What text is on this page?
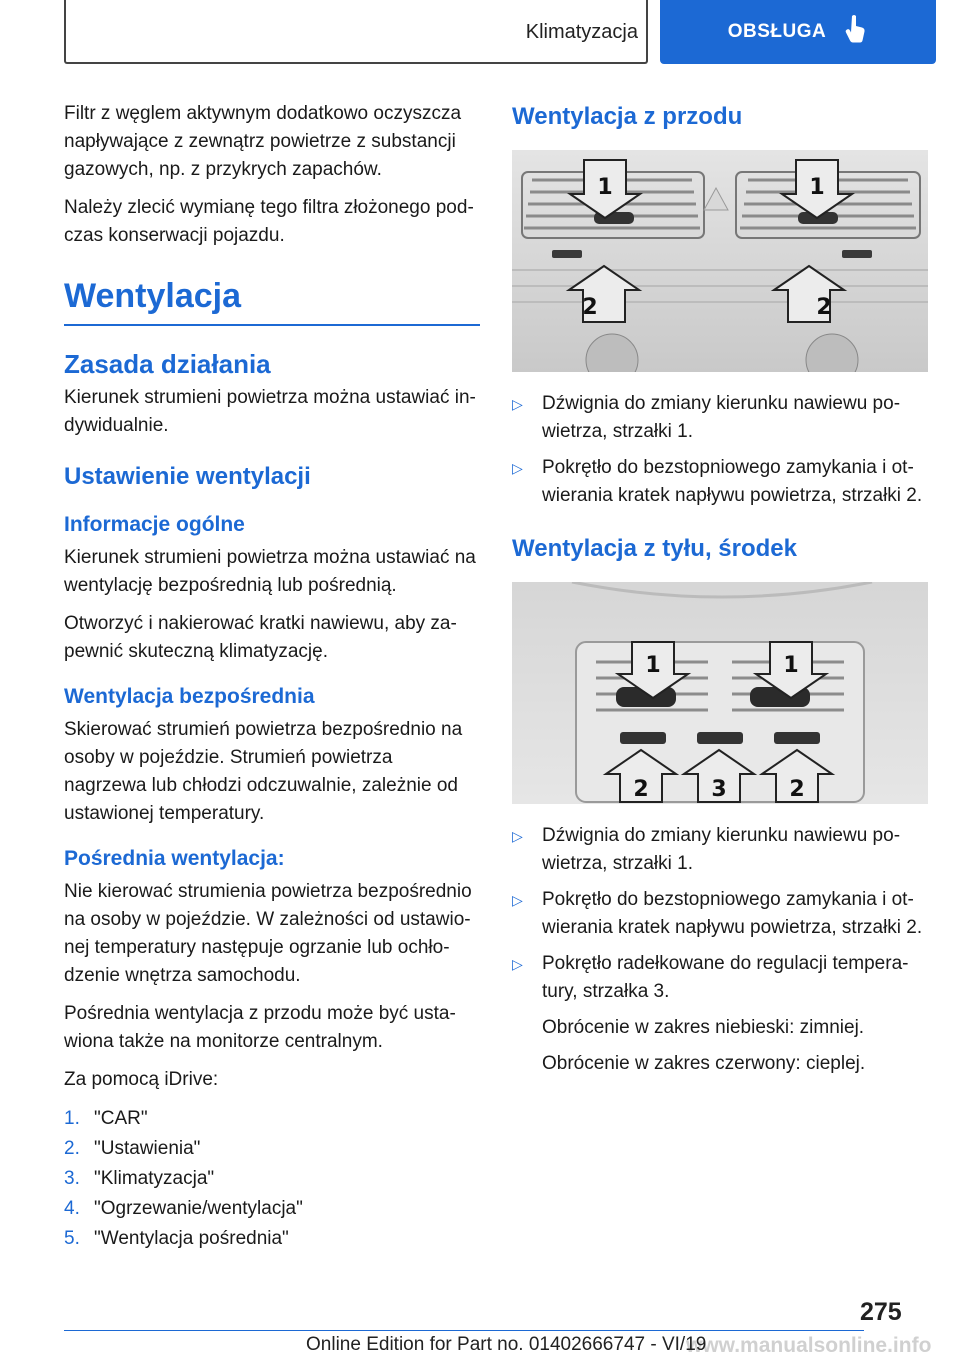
Klimatyzacja	OBSŁUGA

Filtr z węglem aktywnym dodatkowo oczyszcza napływające z zewnątrz powietrze z substancji gazowych, np. z przykrych zapachów.

Należy zlecić wymianę tego filtra złożonego podczas konserwacji pojazdu.

Wentylacja
Zasada działania

Kierunek strumieni powietrza można ustawiać indywidualnie.

Ustawienie wentylacji
Informacje ogólne

Kierunek strumieni powietrza można ustawiać na wentylację bezpośrednią lub pośrednią.

Otworzyć i nakierować kratki nawiewu, aby zapewnić skuteczną klimatyzację.

Wentylacja bezpośrednia

Skierować strumień powietrza bezpośrednio na osoby w pojeździe. Strumień powietrza nagrzewa lub chłodzi odczuwalnie, zależnie od ustawionej temperatury.

Pośrednia wentylacja:

Nie kierować strumienia powietrza bezpośrednio na osoby w pojeździe. W zależności od ustawionej temperatury następuje ogrzanie lub ochłodzenie wnętrza samochodu.

Pośrednia wentylacja z przodu może być ustawiona także na monitorze centralnym.

Za pomocą iDrive:

1. "CAR"
2. "Ustawienia"
3. "Klimatyzacja"
4. "Ogrzewanie/wentylacja"
5. "Wentylacja pośrednia"
Wentylacja z przodu
1	1
2	2
▷	Dźwignia do zmiany kierunku nawiewu powietrza, strzałki 1.
▷	Pokrętło do bezstopniowego zamykania i otwierania kratek napływu powietrza, strzałki 2.
Wentylacja z tyłu, środek
1	1
2	3	2
▷	Dźwignia do zmiany kierunku nawiewu powietrza, strzałki 1.
▷	Pokrętło do bezstopniowego zamykania i otwierania kratek napływu powietrza, strzałki 2.
▷	Pokrętło radełkowane do regulacji temperatury, strzałka 3.

Obrócenie w zakres niebieski: zimniej.

Obrócenie w zakres czerwony: cieplej.

275
www.manualsonline.info
Online Edition for Part no. 01402666747 - VI/19
